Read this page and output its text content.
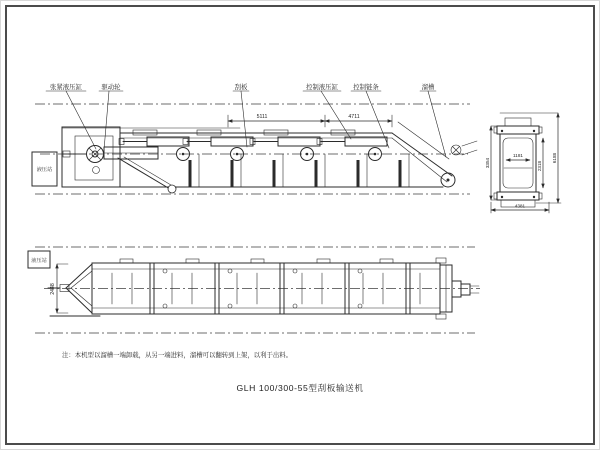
张紧液压缸	驱动轮	刮板	控制液压缸 控制链条	溜槽
5111	4711
液压站
液压站
2448
6188
3354	2318
1181
4381
注：本机型以溜槽一端卸载，从另一端进料，溜槽可以翻转到上架，以利于出料。
GLH 100/300-55型刮板输送机
